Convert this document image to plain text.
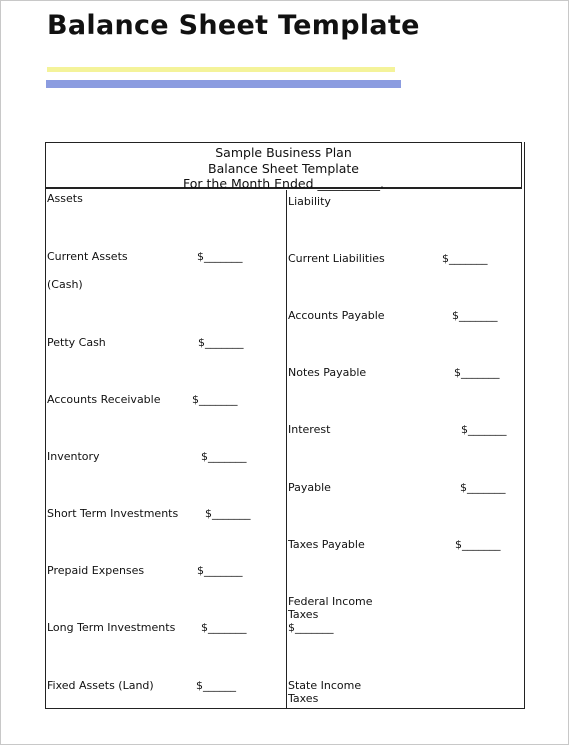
Balance Sheet Template
Sample Business Plan
Balance Sheet Template
For the Month Ended __________.
Assets
Current Assets	$_______
(Cash)
Petty Cash	$_______
Accounts Receivable	$_______
Inventory	$_______
Short Term Investments $_______
Prepaid Expenses	$_______
Long Term Investments $_______
Fixed Assets (Land)	$______
Liability
Current Liabilities	$_______
Accounts Payable	$_______
Notes Payable	$_______
Interest	$_______
Payable	$_______
Taxes Payable	$_______
Federal Income
Taxes
$_______
State Income
Taxes
